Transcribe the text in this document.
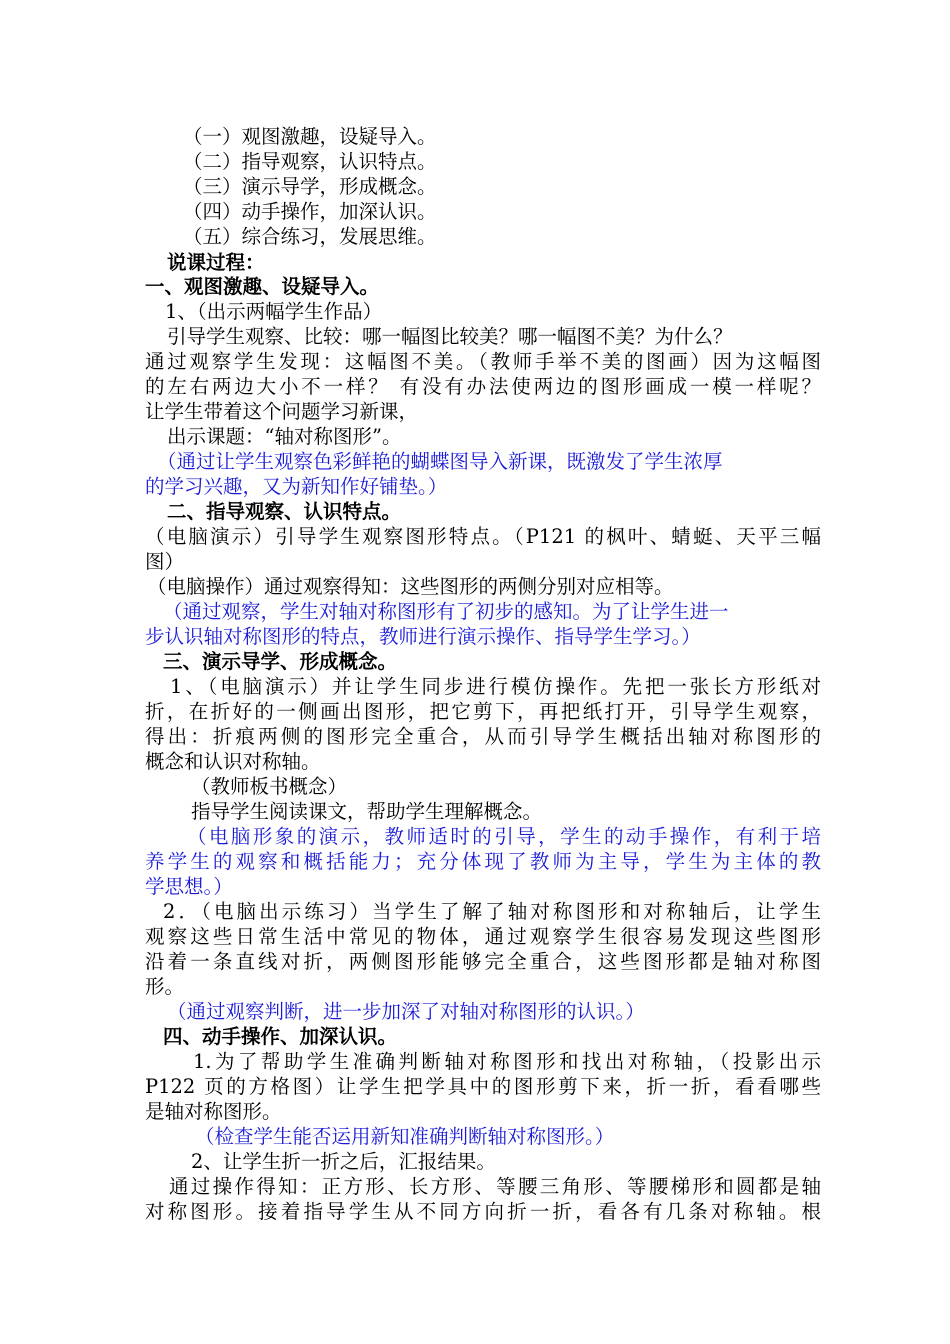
（一）观图激趣，设疑导入。
（二）指导观察，认识特点。
（三）演示导学，形成概念。
（四）动手操作，加深认识。
（五）综合练习，发展思维。
说课过程：
一、观图激趣、设疑导入。
1、（出示两幅学生作品）
引导学生观察、比较：哪一幅图比较美？哪一幅图不美？为什么？
通过观察学生发现：这幅图不美。（教师手举不美的图画）因为这幅图
的左右两边大小不一样？ 有没有办法使两边的图形画成一模一样呢？
让学生带着这个问题学习新课，
出示课题：“轴对称图形”。
（通过让学生观察色彩鲜艳的蝴蝶图导入新课，既激发了学生浓厚
的学习兴趣，又为新知作好铺垫。）
二、指导观察、认识特点。
（电脑演示）引导学生观察图形特点。（P121 的枫叶、蜻蜓、天平三幅
图）
（电脑操作）通过观察得知：这些图形的两侧分别对应相等。
（通过观察，学生对轴对称图形有了初步的感知。为了让学生进一
步认识轴对称图形的特点，教师进行演示操作、指导学生学习。）
三、演示导学、形成概念。
1、（电脑演示）并让学生同步进行模仿操作。先把一张长方形纸对
折，在折好的一侧画出图形，把它剪下，再把纸打开，引导学生观察，
得出：折痕两侧的图形完全重合，从而引导学生概括出轴对称图形的
概念和认识对称轴。
（教师板书概念）
指导学生阅读课文，帮助学生理解概念。
（电脑形象的演示，教师适时的引导，学生的动手操作，有利于培
养学生的观察和概括能力；充分体现了教师为主导，学生为主体的教
学思想。）
2．（电脑出示练习）当学生了解了轴对称图形和对称轴后，让学生
观察这些日常生活中常见的物体，通过观察学生很容易发现这些图形
沿着一条直线对折，两侧图形能够完全重合，这些图形都是轴对称图
形。
（通过观察判断，进一步加深了对轴对称图形的认识。）
四、动手操作、加深认识。
1.为了帮助学生准确判断轴对称图形和找出对称轴，（投影出示
P122 页的方格图）让学生把学具中的图形剪下来，折一折，看看哪些
是轴对称图形。
（检查学生能否运用新知准确判断轴对称图形。）
2、让学生折一折之后，汇报结果。
通过操作得知：正方形、长方形、等腰三角形、等腰梯形和圆都是轴
对称图形。接着指导学生从不同方向折一折，看各有几条对称轴。根
